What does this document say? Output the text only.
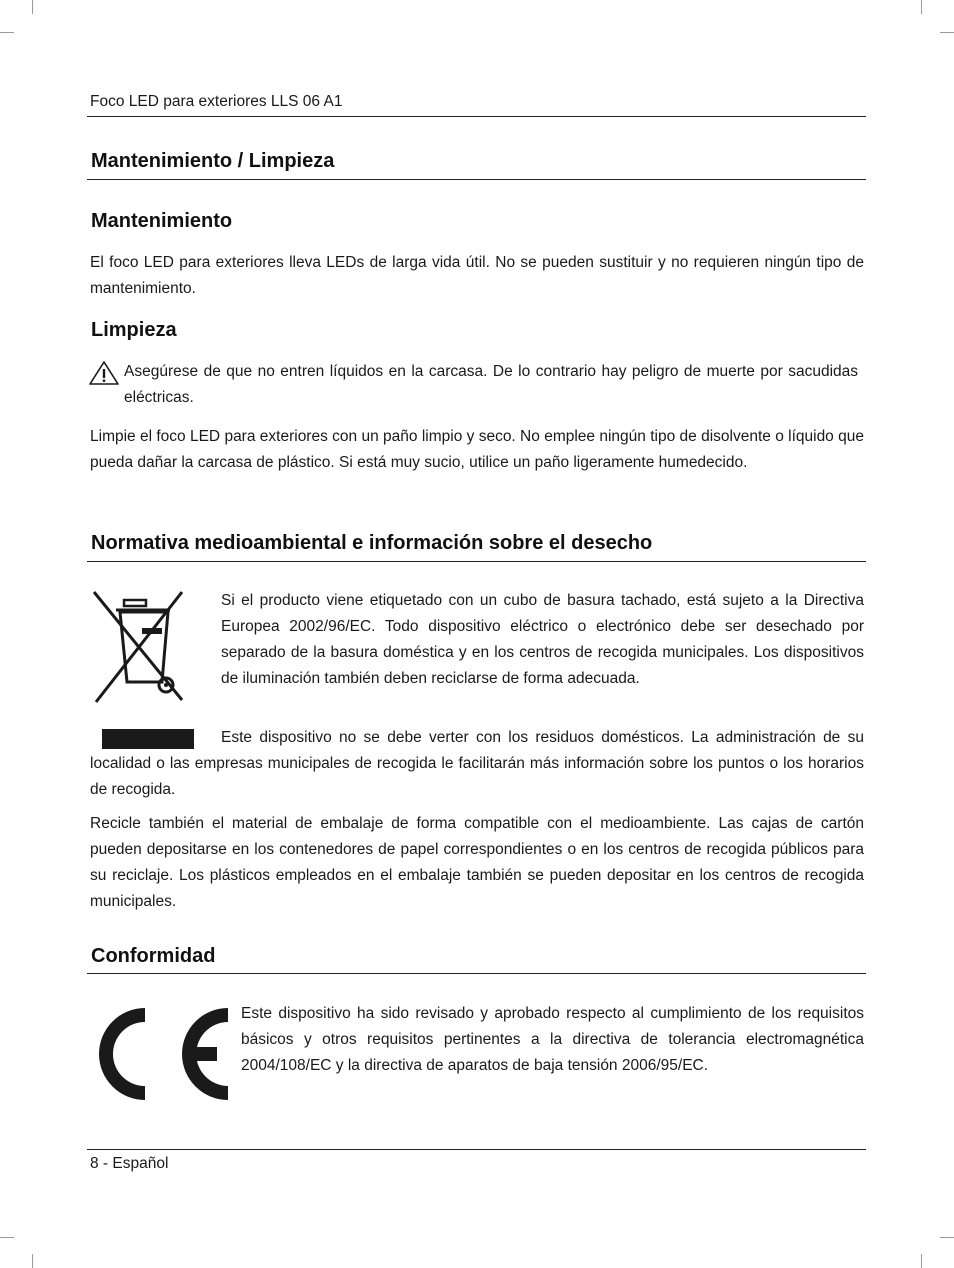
Foco LED para exteriores LLS 06 A1
Mantenimiento / Limpieza
Mantenimiento

El foco LED para exteriores lleva LEDs de larga vida útil. No se pueden sustituir y no requieren ningún tipo de mantenimiento.

Limpieza

Asegúrese de que no entren líquidos en la carcasa. De lo contrario hay peligro de muerte por sacudidas eléctricas.

Limpie el foco LED para exteriores con un paño limpio y seco. No emplee ningún tipo de disolvente o líquido que pueda dañar la carcasa de plástico. Si está muy sucio, utilice un paño ligeramente humedecido.

Normativa medioambiental e información sobre el desecho

Si el producto viene etiquetado con un cubo de basura tachado, está sujeto a la Directiva Europea 2002/96/EC. Todo dispositivo eléctrico o electrónico debe ser desechado por separado de la basura doméstica y en los centros de recogida municipales. Los dispositivos de iluminación también deben reciclarse de forma adecuada.

Este dispositivo no se debe verter con los residuos domésticos. La administración de su localidad o las empresas municipales de recogida le facilitarán más información sobre los puntos o los horarios de recogida.

Recicle también el material de embalaje de forma compatible con el medioambiente. Las cajas de cartón pueden depositarse en los contenedores de papel correspondientes o en los centros de recogida públicos para su reciclaje. Los plásticos empleados en el embalaje también se pueden depositar en los centros de recogida municipales.

Conformidad

Este dispositivo ha sido revisado y aprobado respecto al cumplimiento de los requisitos básicos y otros requisitos pertinentes a la directiva de tolerancia electromagnética 2004/108/EC y la directiva de aparatos de baja tensión 2006/95/EC.

8 - Español
